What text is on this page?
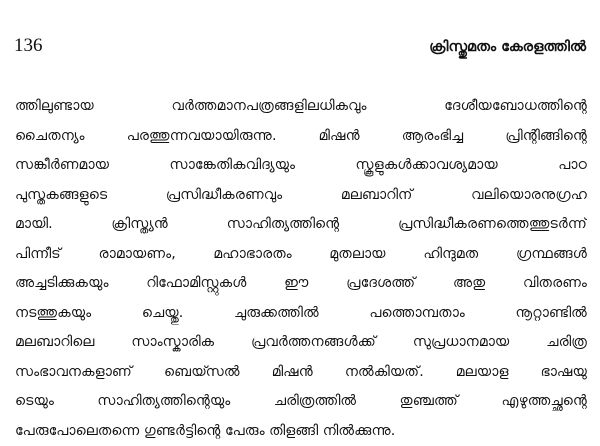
136	ക്രിസ്തുമതം കേരളത്തിൽ
ത്തിലുണ്ടായ വർത്തമാനപത്രങ്ങളിലധികവും ദേശീയബോധത്തിന്റെ
ചൈതന്യം പരത്തുന്നവയായിരുന്നു. മിഷൻ ആരംഭിച്ച പ്രിന്റിങ്ങിന്റെ
സങ്കീർണമായ സാങ്കേതികവിദ്യയും സ്കൂളുകൾക്കാവശ്യമായ പാഠ
പുസ്തകങ്ങളുടെ പ്രസിദ്ധീകരണവും മലബാറിന് വലിയൊരനുഗ്രഹ
മായി. ക്രിസ്ത്യൻ സാഹിത്യത്തിന്റെ പ്രസിദ്ധീകരണത്തെത്തുടർന്ന്
പിന്നീട് രാമായണം, മഹാഭാരതം മുതലായ ഹിന്ദുമത ഗ്രന്ഥങ്ങൾ
അച്ചടിക്കുകയും റിഫോമിസ്റ്റുകൾ ഈ പ്രദേശത്ത് അതു വിതരണം
നടത്തുകയും ചെയ്തു. ചുരുക്കത്തിൽ പത്തൊമ്പതാം നൂറ്റാണ്ടിൽ
മലബാറിലെ സാംസ്കാരിക പ്രവർത്തനങ്ങൾക്ക് സുപ്രധാനമായ ചരിത്ര
സംഭാവനകളാണ് ബെയ്സൽ മിഷൻ നൽകിയത്. മലയാള ഭാഷയു
ടെയും സാഹിത്യത്തിന്റെയും ചരിത്രത്തിൽ തുഞ്ചത്ത് എഴുത്തച്ഛന്റെ
പേരുപോലെതന്നെ ഗുണ്ടർട്ടിന്റെ പേരും തിളങ്ങി നിൽക്കുന്നു.
